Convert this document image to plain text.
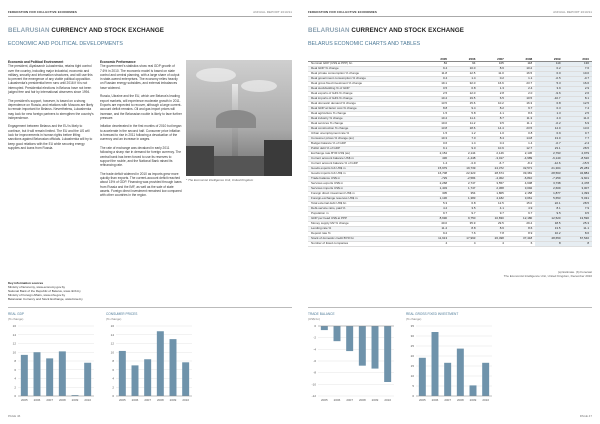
FEDERATION FOR COLLECTIVE ECONOMIES	ANNUAL REPORT 2010/11
BELARUSIAN CURRENCY AND STOCK EXCHANGE
ECONOMIC AND POLITICAL DEVELOPMENTS

Economic and Political Environment
The president, Alyaksandr Lukashenka, retains tight control over the country, including major industrial, economic and military, security and information structures, and will use this to prevent the emergence of any viable political opposition. Lukashenka's presidential term runs until 2016 if it is not interrupted. Presidential elections in Belarus have not been judged free and fair by international observers since 1994.

The president's support, however, is based on a strong dependence on Russia, and relations with Moscow are likely to remain important for Belarus. Nevertheless, Lukashenka may look for new foreign partners to strengthen the country's independence.

Engagement between Belarus and the EU is likely to continue, but it will remain limited. The EU and the US will look for improvements in human rights before lifting sanctions against Belarusian officials. Lukashenka will try to keep good relations with the EU while securing energy supplies and loans from Russia.

Economic Performance
The government's statistics show real GDP growth of 7.6% in 2010. The economic model is based on state control and central planning, with a large share of output in state-owned enterprises. The economy relies heavily on Russian energy subsidies, and external imbalances have widened.

Russia, Ukraine and the EU, which are Belarus's leading export markets, will experience moderate growth in 2011. Exports are expected to recover, although a large current-account deficit remains. Oil and gas import prices will increase, and the Belarusian rouble is likely to face further pressure.

Inflation decelerated in the first months of 2010 but began to accelerate in the second half. Consumer price inflation is forecast to rise in 2011 following a devaluation of the currency and an increase in wages.

The rate of exchange was devalued in early 2011 following a sharp rise in demand for foreign currency. The central bank has been forced to use its reserves to support the rouble, and the National Bank raised its refinancing rate.

The trade deficit widened in 2010 as imports grew more quickly than exports. The current-account deficit reached about 15% of GDP. Financing was provided through loans from Russia and the IMF, as well as the sale of state assets. Foreign direct investment remained low compared with other countries in the region.

* The Economist Intelligence Unit, United Kingdom
Key information sources
Ministry of Economy, www.economy.gov.by
National Bank of the Republic of Belarus, www.nbrb.by
Ministry of Foreign Affairs, www.mfa.gov.by
Belarusian Currency and Stock Exchange, www.bcse.by
REAL GDP
(% change)
0
2
4
6
8
10
12
14
16
2005 2006 2007 2008 2009 2010
CONSUMER PRICES
(% change)
0
2
4
6
8
10
12
14
16
2005 2006 2007 2008 2009 2010
PAGE 46
FEDERATION FOR COLLECTIVE ECONOMIES	ANNUAL REPORT 2010/11
BELARUSIAN CURRENCY AND STOCK EXCHANGE
BELARUS ECONOMIC CHARTS AND TABLES
	2005	2006	2007	2008	2009	2010
Nominal GDP (US$ at PPP) bn	84	94	105	118	119	130
Real GDP % change	9.4	10.0	8.6	10.2	0.2	7.6
Real private consumption % change	11.8	12.5	11.0	16.5	0.0	10.0
Real government consumption % change	0.4	1.4	0.2	1.1	-0.5	-0.7
Real gross fixed investment % change	19.1	32.0	16.6	23.7	5.3	16.6
Real stockbuilding % of GDP	0.5	0.8	1.3	2.4	3.9	2.9
Real exports of G&S % change	2.5	12.0	2.8	2.0	-9.6	2.6
Real imports of G&S % change	10.4	19.5	6.5	10.5	-10.7	8.1
Real domestic demand % change	13.5	15.6	10.2	16.3	0.8	12.5
Real GDP at factor cost % change	8.8	9.4	8.2	9.7	0.3	7.4
Real agriculture % change	1.5	5.8	4.1	8.6	1.3	2.5
Real industry % change	10.4	11.4	8.7	11.3	2.0	11.0
Real services % change	10.0	11.2	9.5	11.1	-0.2	6.9
Real construction % change	13.8	18.6	14.4	23.5	14.0	13.0
Urban unemployment rate %	1.5	1.2	1.0	0.8	0.9	0.7
Consumer prices % change (av)	10.3	7.0	8.4	14.8	13.0	7.7
Budget balance % of GDP	0.6	1.4	0.4	1.4	-0.7	-2.4
Public debt % of GDP	9.1	9.0	10.9	12.7	23.1	28.5
Exchange rate BYR:US$ (av)	2,154	2,144	2,146	2,136	2,793	2,979
Current account balance US$ m	436	-1,448	-3,017	-4,989	-6,140	-8,520
Current account balance % of GDP	1.4	-3.9	-6.7	-8.2	-12.6	-15.5
Goods exports fob US$ m	15,979	19,739	24,372	32,571	21,304	25,283
Goods imports fob US$ m	16,708	22,323	28,674	39,381	28,563	34,884
Trade balance US$ m	-729	-2,584	-4,302	-6,810	-7,259	-9,601
Services exports US$ m	2,268	2,747	3,557	4,608	3,738	4,478
Services imports US$ m	1,403	1,747	2,368	3,092	2,609	3,007
Foreign direct investment US$ m	305	354	1,805	2,158	1,877	1,393
Foreign-exchange reserves US$ m	1,136	1,383	4,182	3,061	5,653	5,031
Total external debt US$ bn	5.3	6.8	12.5	15.0	22.1	28.5
Debt-service ratio, paid %	4.2	3.5	4.1	4.9	8.1	7.9
Population m	9.7	9.7	9.7	9.7	9.5	9.5
GDP per head US$ at PPP	8,690	9,750	10,830	12,180	12,520	13,590
Money supply M2 % change	40.0	35.9	29.5	29.4	18.5	25.3
Lending rate %	11.4	8.8	8.6	8.6	13.5	11.1
Deposit rate %	9.2	7.6	7.8	8.9	10.2	8.6
Stock of domestic credit BYR bn	11,913	17,993	26,498	37,418	48,650	67,540
Number of listed companies	4	4	4	6	8	8
(a) Estimate. (b) Forecast
The Economist Intelligence Unit, United Kingdom, December 2010
TRADE BALANCE
(US$ bn)
0
-2
-4
-6
-8
-10
-12
2005 2006 2007 2008 2009 2010
REAL GROSS FIXED INVESTMENT
(% change)
0
5
10
15
20
25
30
35
2005 2006 2007 2008 2009 2010
PAGE 47
